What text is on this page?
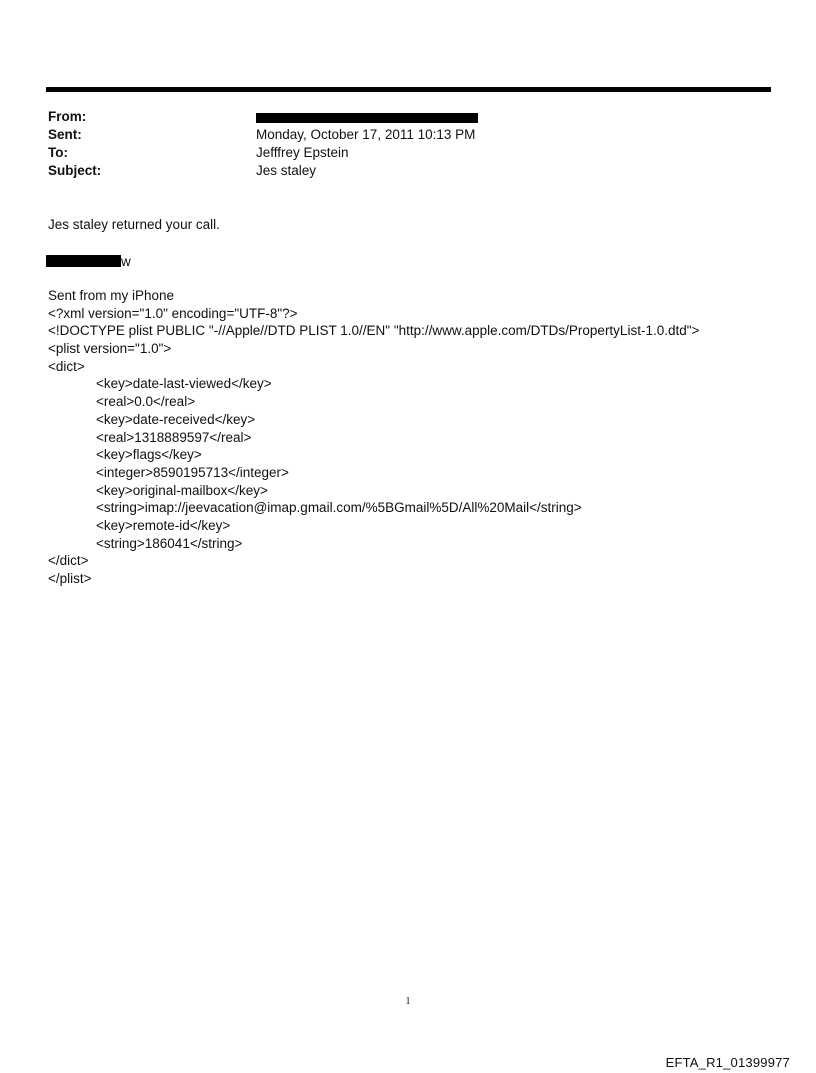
From:
Sent:	Monday, October 17, 2011 10:13 PM
To:	Jefffrey Epstein
Subject:	Jes staley
Jes staley returned your call.
w
Sent from my iPhone
<?xml version="1.0" encoding="UTF-8"?>
<!DOCTYPE plist PUBLIC "-//Apple//DTD PLIST 1.0//EN" "http://www.apple.com/DTDs/PropertyList-1.0.dtd">
<plist version="1.0">
<dict>
<key>date-last-viewed</key>
<real>0.0</real>
<key>date-received</key>
<real>1318889597</real>
<key>flags</key>
<integer>8590195713</integer>
<key>original-mailbox</key>
<string>imap://jeevacation@imap.gmail.com/%5BGmail%5D/All%20Mail</string>
<key>remote-id</key>
<string>186041</string>
</dict>
</plist>
1
EFTA_R1_01399977
